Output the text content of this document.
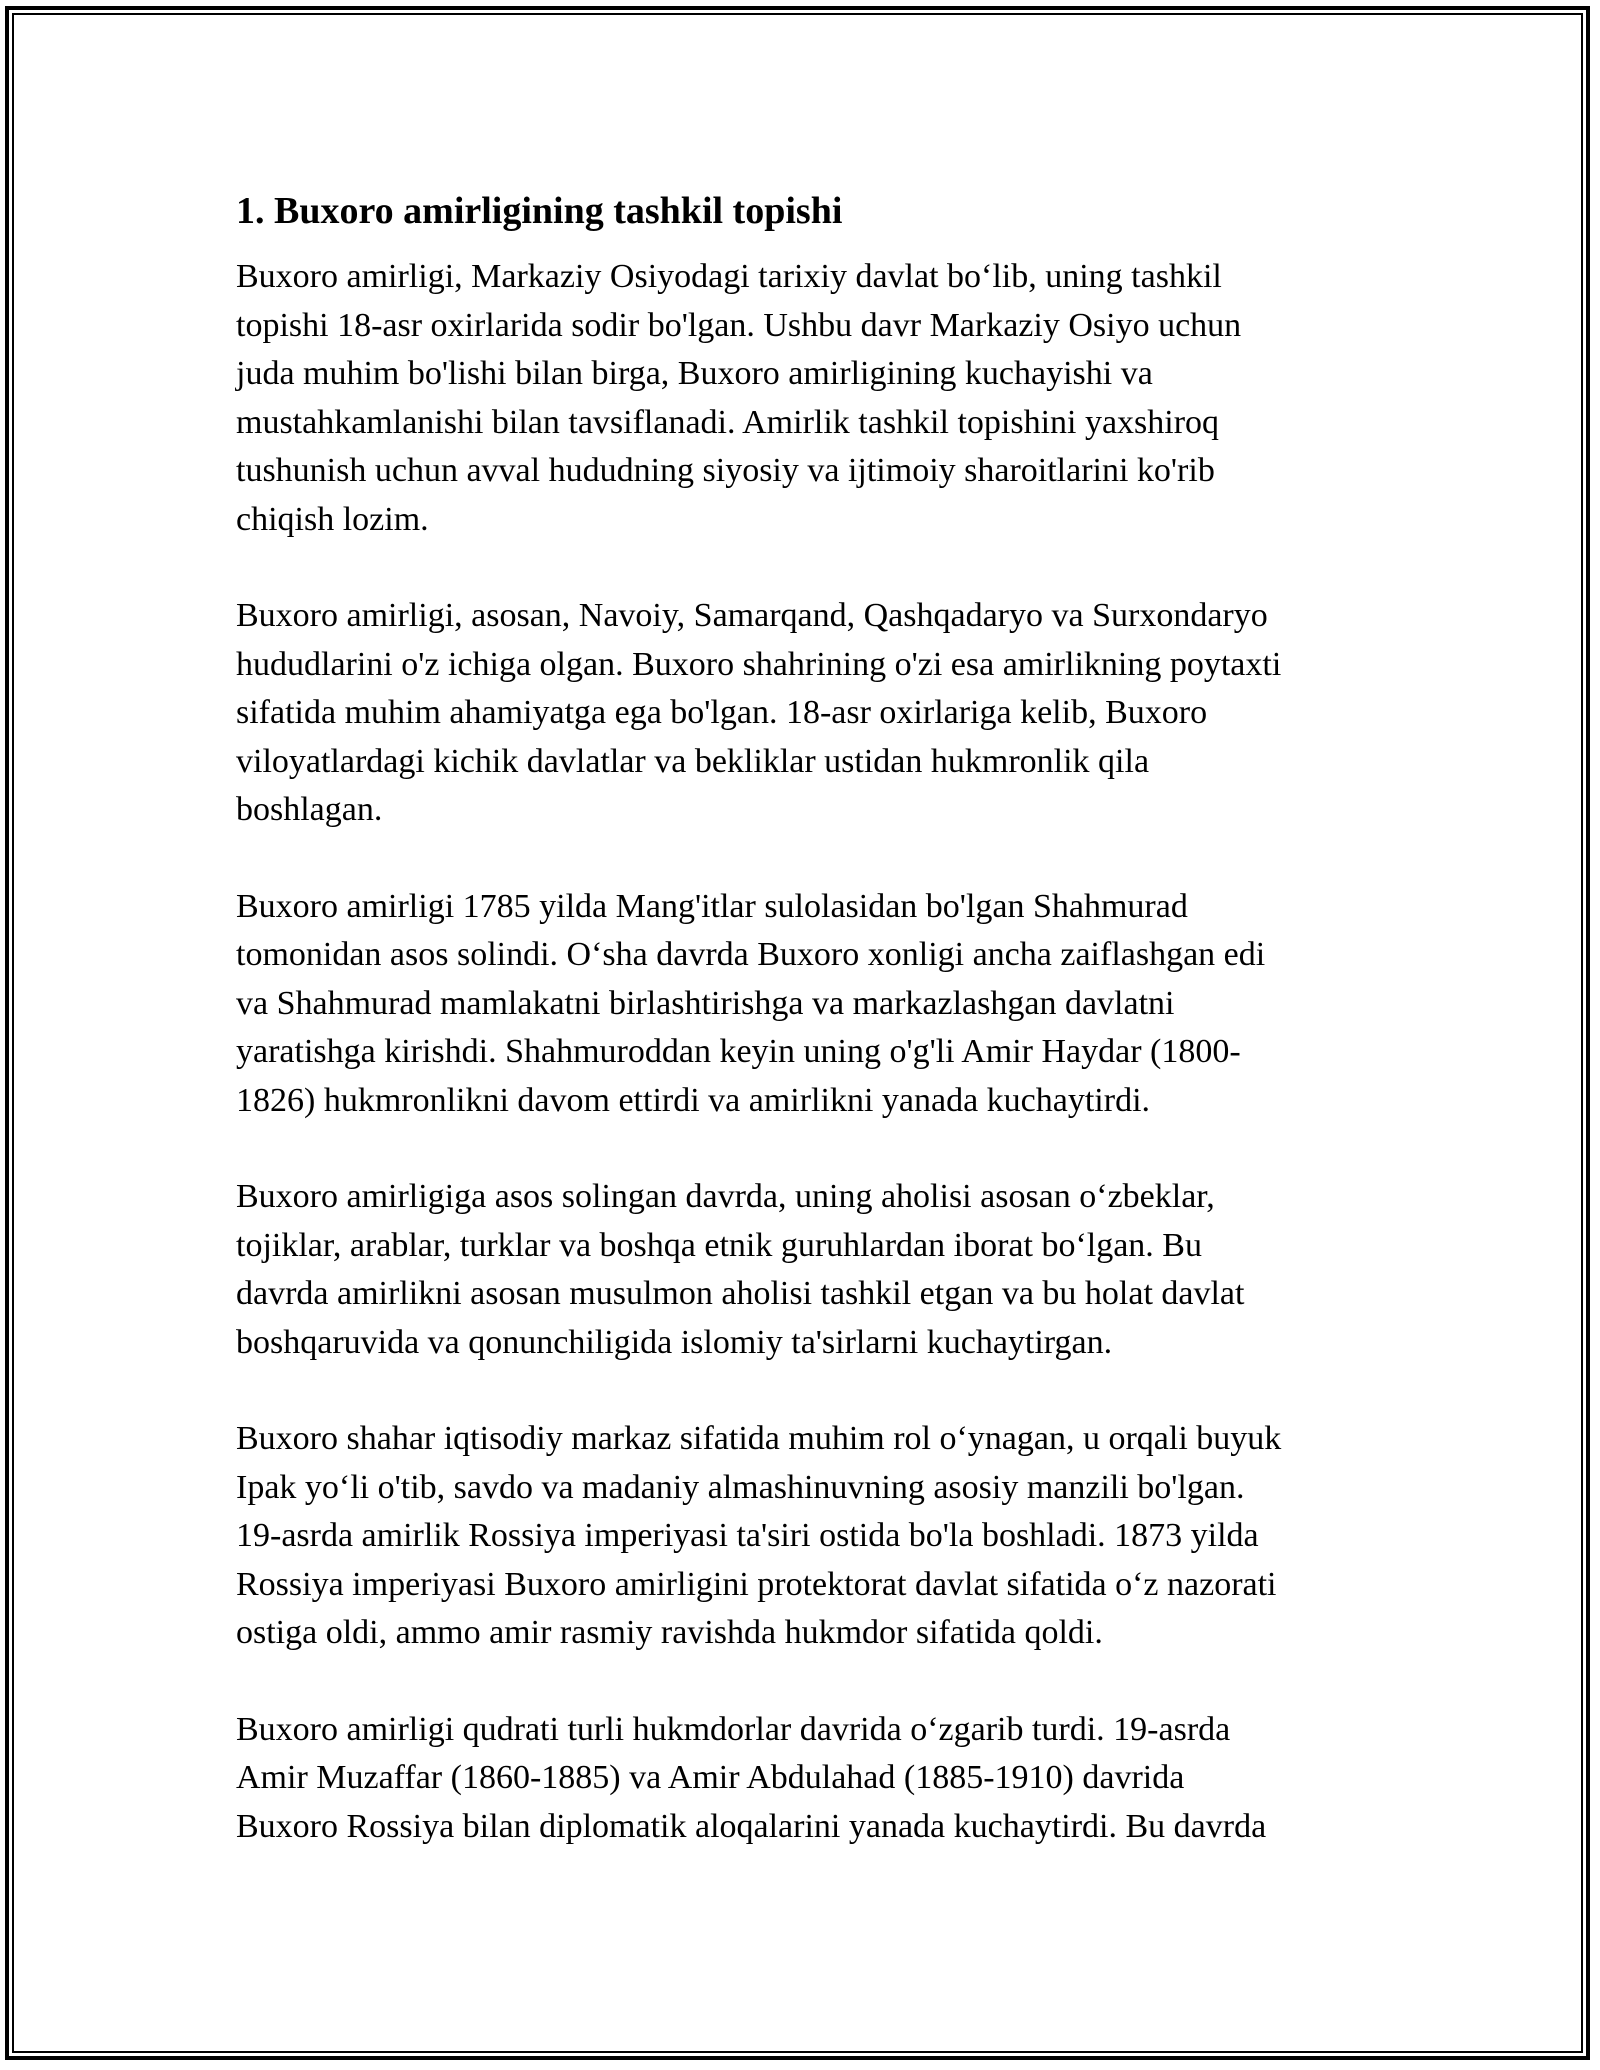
1. Buxoro amirligining tashkil topishi

Buxoro amirligi, Markaziy Osiyodagi tarixiy davlat bo‘lib, uning tashkil
topishi 18-asr oxirlarida sodir bo'lgan. Ushbu davr Markaziy Osiyo uchun
juda muhim bo'lishi bilan birga, Buxoro amirligining kuchayishi va
mustahkamlanishi bilan tavsiflanadi. Amirlik tashkil topishini yaxshiroq
tushunish uchun avval hududning siyosiy va ijtimoiy sharoitlarini ko'rib
chiqish lozim.

Buxoro amirligi, asosan, Navoiy, Samarqand, Qashqadaryo va Surxondaryo
hududlarini o'z ichiga olgan. Buxoro shahrining o'zi esa amirlikning poytaxti
sifatida muhim ahamiyatga ega bo'lgan. 18-asr oxirlariga kelib, Buxoro
viloyatlardagi kichik davlatlar va bekliklar ustidan hukmronlik qila
boshlagan.

Buxoro amirligi 1785 yilda Mang'itlar sulolasidan bo'lgan Shahmurad
tomonidan asos solindi. O‘sha davrda Buxoro xonligi ancha zaiflashgan edi
va Shahmurad mamlakatni birlashtirishga va markazlashgan davlatni
yaratishga kirishdi. Shahmuroddan keyin uning o'g'li Amir Haydar (1800-
1826) hukmronlikni davom ettirdi va amirlikni yanada kuchaytirdi.

Buxoro amirligiga asos solingan davrda, uning aholisi asosan o‘zbeklar,
tojiklar, arablar, turklar va boshqa etnik guruhlardan iborat bo‘lgan. Bu
davrda amirlikni asosan musulmon aholisi tashkil etgan va bu holat davlat
boshqaruvida va qonunchiligida islomiy ta'sirlarni kuchaytirgan.

Buxoro shahar iqtisodiy markaz sifatida muhim rol o‘ynagan, u orqali buyuk
Ipak yo‘li o'tib, savdo va madaniy almashinuvning asosiy manzili bo'lgan.
19-asrda amirlik Rossiya imperiyasi ta'siri ostida bo'la boshladi. 1873 yilda
Rossiya imperiyasi Buxoro amirligini protektorat davlat sifatida o‘z nazorati
ostiga oldi, ammo amir rasmiy ravishda hukmdor sifatida qoldi.

Buxoro amirligi qudrati turli hukmdorlar davrida o‘zgarib turdi. 19-asrda
Amir Muzaffar (1860-1885) va Amir Abdulahad (1885-1910) davrida
Buxoro Rossiya bilan diplomatik aloqalarini yanada kuchaytirdi. Bu davrda
